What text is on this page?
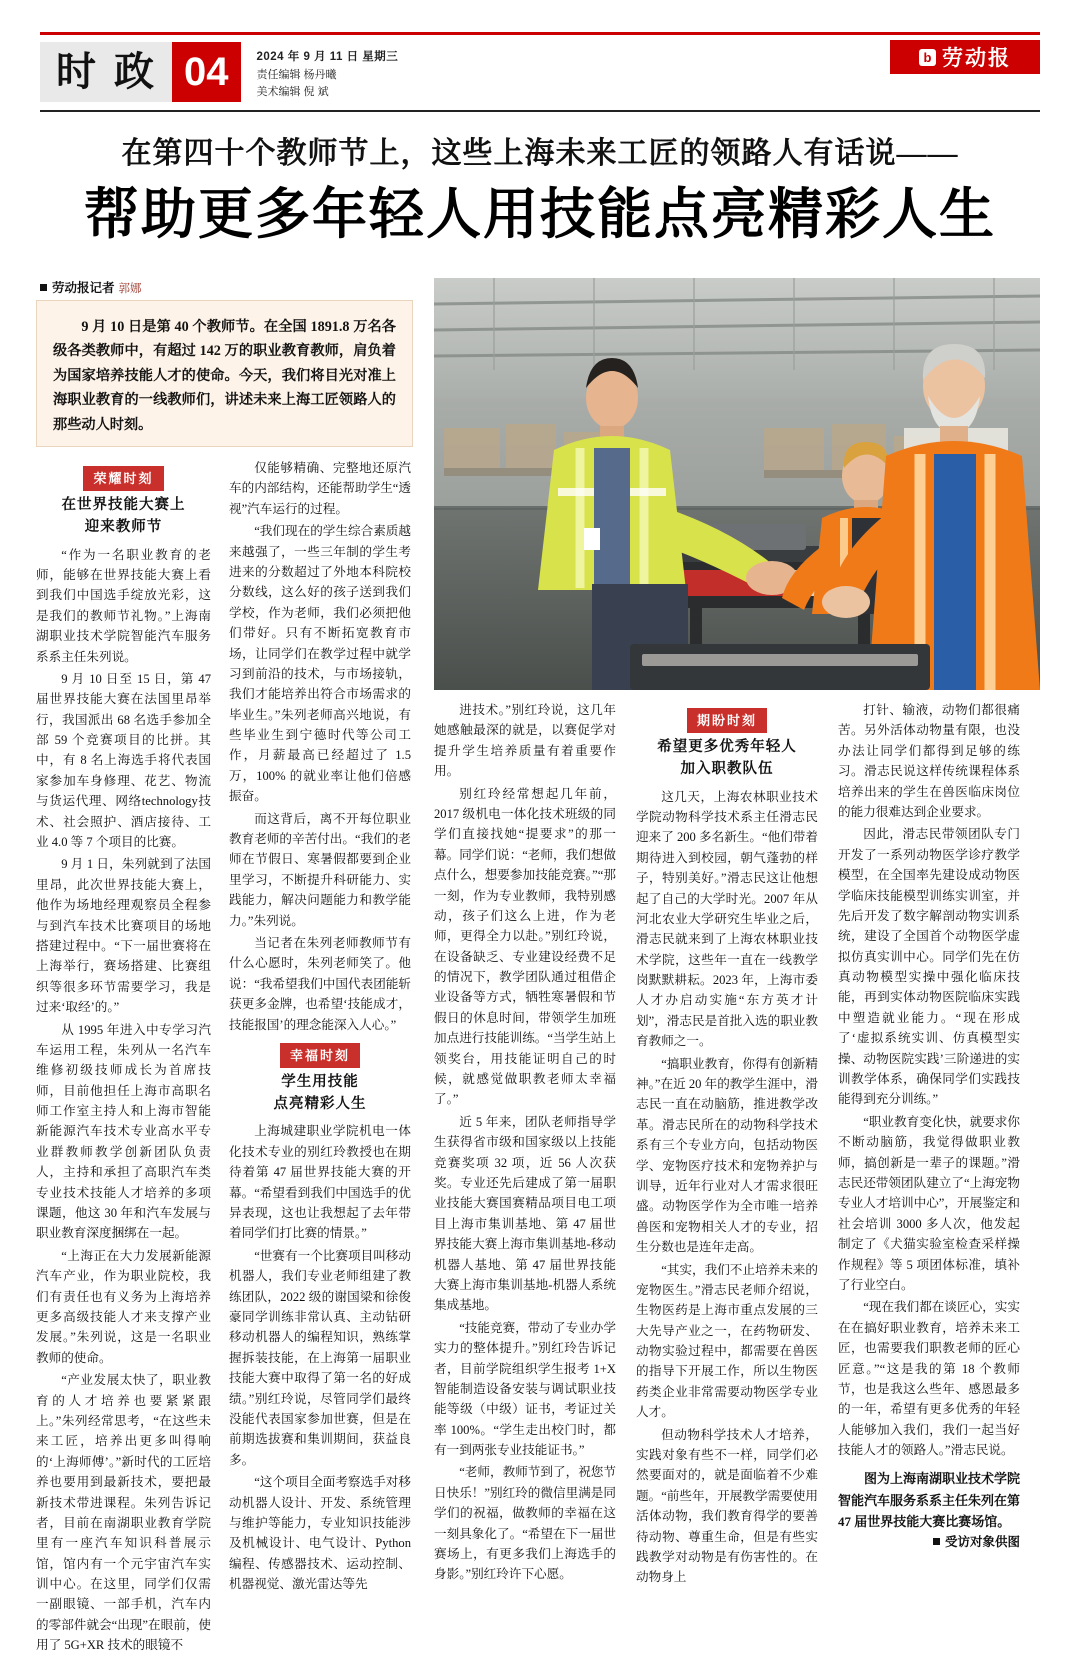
时 政 04	2024 年 9 月 11 日 星期三
责任编辑 杨丹曦
美术编辑 倪 斌
b 劳动报
在第四十个教师节上，这些上海未来工匠的领路人有话说——
帮助更多年轻人用技能点亮精彩人生
劳动报记者 郭娜

9 月 10 日是第 40 个教师节。在全国 1891.8 万名各级各类教师中，有超过 142 万的职业教育教师，肩负着为国家培养技能人才的使命。今天，我们将目光对准上海职业教育的一线教师们，讲述未来上海工匠领路人的那些动人时刻。

荣耀时刻
在世界技能大赛上
迎来教师节

“作为一名职业教育的老师，能够在世界技能大赛上看到我们中国选手绽放光彩，这是我们的教师节礼物。”上海南湖职业技术学院智能汽车服务系系主任朱列说。

9 月 10 日至 15 日，第 47 届世界技能大赛在法国里昂举行，我国派出 68 名选手参加全部 59 个竞赛项目的比拼。其中，有 8 名上海选手将代表国家参加车身修理、花艺、物流与货运代理、网络technology技术、社会照护、酒店接待、工业 4.0 等 7 个项目的比赛。

9 月 1 日，朱列就到了法国里昂，此次世界技能大赛上，他作为场地经理观察员全程参与到汽车技术比赛项目的场地搭建过程中。“下一届世赛将在上海举行，赛场搭建、比赛组织等很多环节需要学习，我是过来‘取经’的。”

从 1995 年进入中专学习汽车运用工程，朱列从一名汽车维修初级技师成长为首席技师，目前他担任上海市高职名师工作室主持人和上海市智能新能源汽车技术专业高水平专业群教师教学创新团队负责人，主持和承担了高职汽车类专业技术技能人才培养的多项课题，他这 30 年和汽车发展与职业教育深度捆绑在一起。

“上海正在大力发展新能源汽车产业，作为职业院校，我们有责任也有义务为上海培养更多高级技能人才来支撑产业发展。”朱列说，这是一名职业教师的使命。

“产业发展太快了，职业教育的人才培养也要紧紧跟上。”朱列经常思考，“在这些未来工匠，培养出更多叫得响的‘上海师傅’。”新时代的工匠培养也要用到最新技术，要把最新技术带进课程。朱列告诉记者，目前在南湖职业教育学院里有一座汽车知识科普展示馆，馆内有一个元宇宙汽车实训中心。在这里，同学们仅需一副眼镜、一部手机，汽车内的零部件就会“出现”在眼前，使用了 5G+XR 技术的眼镜不

仅能够精确、完整地还原汽车的内部结构，还能帮助学生“透视”汽车运行的过程。

“我们现在的学生综合素质越来越强了，一些三年制的学生考进来的分数超过了外地本科院校分数线，这么好的孩子送到我们学校，作为老师，我们必须把他们带好。只有不断拓宽教育市场，让同学们在教学过程中就学习到前沿的技术，与市场接轨，我们才能培养出符合市场需求的毕业生。”朱列老师高兴地说，有些毕业生到宁德时代等公司工作，月薪最高已经超过了 1.5 万，100% 的就业率让他们倍感振奋。

而这背后，离不开每位职业教育老师的辛苦付出。“我们的老师在节假日、寒暑假都要到企业里学习，不断提升科研能力、实践能力，解决问题能力和教学能力。”朱列说。

当记者在朱列老师教师节有什么心愿时，朱列老师笑了。他说：“我希望我们中国代表团能斩获更多金牌，也希望‘技能成才，技能报国’的理念能深入人心。”

幸福时刻
学生用技能
点亮精彩人生

上海城建职业学院机电一体化技术专业的别红玲教授也在期待着第 47 届世界技能大赛的开幕。“希望看到我们中国选手的优异表现，这也让我想起了去年带着同学们打比赛的情景。”

“世赛有一个比赛项目叫移动机器人，我们专业老师组建了教练团队，2022 级的谢国梁和徐俊豪同学训练非常认真、主动钻研移动机器人的编程知识，熟练掌握拆装技能，在上海第一届职业技能大赛中取得了第一名的好成绩。”别红玲说，尽管同学们最终没能代表国家参加世赛，但是在前期选拔赛和集训期间，获益良多。

“这个项目全面考察选手对移动机器人设计、开发、系统管理与维护等能力，专业知识技能涉及机械设计、电气设计、Python 编程、传感器技术、运动控制、机器视觉、激光雷达等先

进技术。”别红玲说，这几年她感触最深的就是，以赛促学对提升学生培养质量有着重要作用。

别红玲经常想起几年前，2017 级机电一体化技术班级的同学们直接找她“提要求”的那一幕。同学们说：“老师，我们想做点什么，想要参加技能竞赛。”“那一刻，作为专业教师，我特别感动，孩子们这么上进，作为老师，更得全力以赴。”别红玲说，在设备缺乏、专业建设经费不足的情况下，教学团队通过租借企业设备等方式，牺牲寒暑假和节假日的休息时间，带领学生加班加点进行技能训练。“当学生站上领奖台，用技能证明自己的时候，就感觉做职教老师太幸福了。”

近 5 年来，团队老师指导学生获得省市级和国家级以上技能竞赛奖项 32 项，近 56 人次获奖。专业还先后建成了第一届职业技能大赛国赛精品项目电工项目上海市集训基地、第 47 届世界技能大赛上海市集训基地-移动机器人基地、第 47 届世界技能大赛上海市集训基地-机器人系统集成基地。

“技能竞赛，带动了专业办学实力的整体提升。”别红玲告诉记者，目前学院组织学生报考 1+X 智能制造设备安装与调试职业技能等级（中级）证书，考证过关率 100%。“学生走出校门时，都有一到两张专业技能证书。”

“老师，教师节到了，祝您节日快乐！”别红玲的微信里满是同学们的祝福，做教师的幸福在这一刻具象化了。“希望在下一届世赛场上，有更多我们上海选手的身影。”别红玲许下心愿。

期盼时刻
希望更多优秀年轻人
加入职教队伍

这几天，上海农林职业技术学院动物科学技术系主任滑志民迎来了 200 多名新生。“他们带着期待进入到校园，朝气蓬勃的样子，特别美好。”滑志民这让他想起了自己的大学时光。2007 年从河北农业大学研究生毕业之后，滑志民就来到了上海农林职业技术学院，这些年一直在一线教学岗默默耕耘。2023 年，上海市委人才办启动实施“东方英才计划”，滑志民是首批入选的职业教育教师之一。

“搞职业教育，你得有创新精神。”在近 20 年的教学生涯中，滑志民一直在动脑筋，推进教学改革。滑志民所在的动物科学技术系有三个专业方向，包括动物医学、宠物医疗技术和宠物养护与训导，近年行业对人才需求很旺盛。动物医学作为全市唯一培养兽医和宠物相关人才的专业，招生分数也是连年走高。

“其实，我们不止培养未来的宠物医生。”滑志民老师介绍说，生物医药是上海市重点发展的三大先导产业之一，在药物研发、动物实验过程中，都需要在兽医的指导下开展工作，所以生物医药类企业非常需要动物医学专业人才。

但动物科学技术人才培养，实践对象有些不一样，同学们必然要面对的，就是面临着不少难题。“前些年，开展教学需要使用活体动物，我们教育得学的要善待动物、尊重生命，但是有些实践教学对动物是有伤害性的。在动物身上

打针、输液，动物们都很痛苦。另外活体动物量有限，也没办法让同学们都得到足够的练习。滑志民说这样传统课程体系培养出来的学生在兽医临床岗位的能力很难达到企业要求。

因此，滑志民带领团队专门开发了一系列动物医学诊疗教学模型，在全国率先建设成动物医学临床技能模型训练实训室，并先后开发了数字解剖动物实训系统，建设了全国首个动物医学虚拟仿真实训中心。同学们先在仿真动物模型实操中强化临床技能，再到实体动物医院临床实践中塑造就业能力。“现在形成了‘虚拟系统实训、仿真模型实操、动物医院实践’三阶递进的实训教学体系，确保同学们实践技能得到充分训练。”

“职业教育变化快，就要求你不断动脑筋，我觉得做职业教师，搞创新是一辈子的课题。”滑志民还带领团队建立了“上海宠物专业人才培训中心”，开展鉴定和社会培训 3000 多人次，他发起制定了《犬猫实验室检查采样操作规程》等 5 项团体标准，填补了行业空白。

“现在我们都在谈匠心，实实在在搞好职业教育，培养未来工匠，也需要我们职教老师的匠心匠意。”“这是我的第 18 个教师节，也是我这么些年、感恩最多的一年，希望有更多优秀的年轻人能够加入我们，我们一起当好技能人才的领路人。”滑志民说。

图为上海南湖职业技术学院智能汽车服务系系主任朱列在第 47 届世界技能大赛比赛场馆。
受访对象供图
